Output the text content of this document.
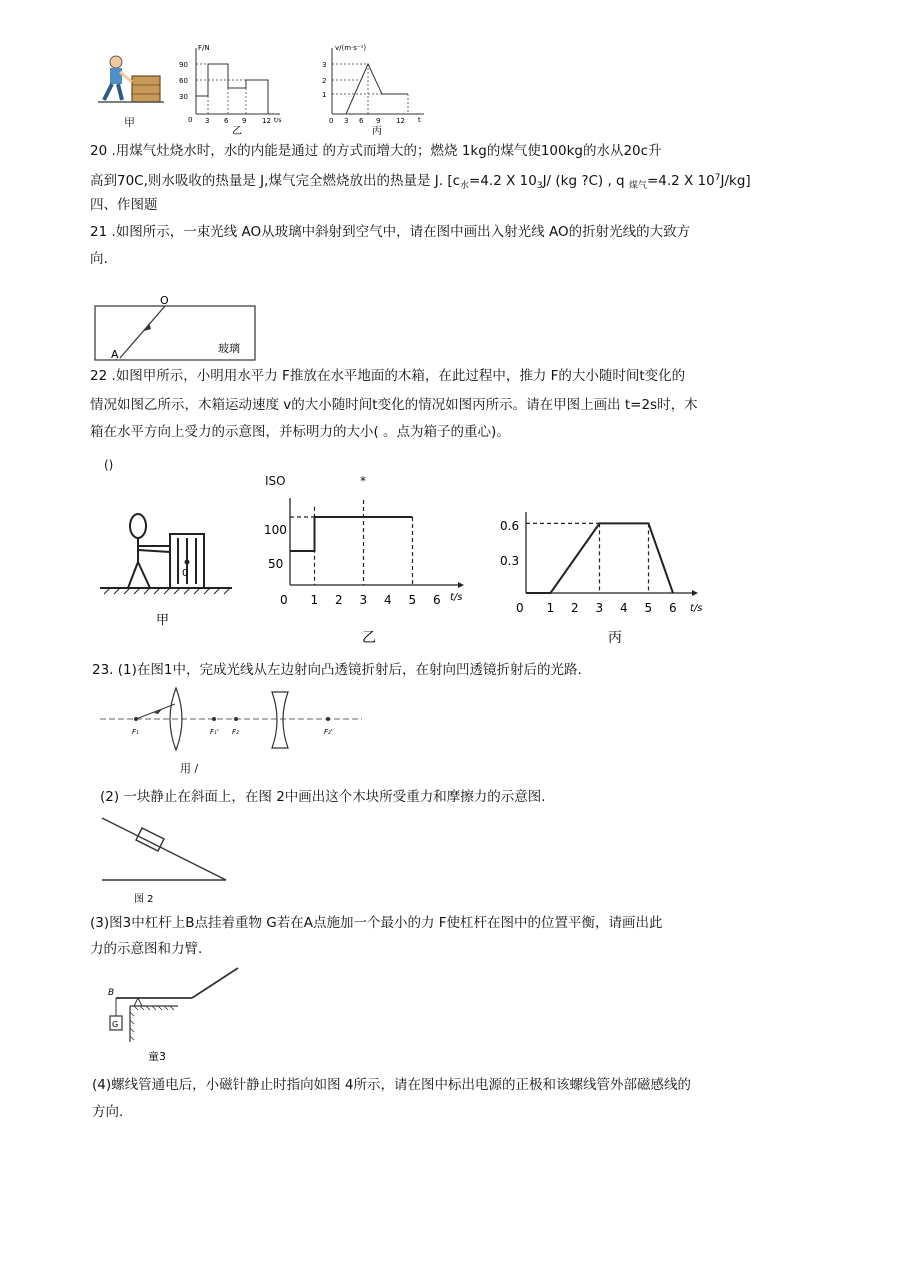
甲
F/N
90
60
30
0 3 6 9 12 t/s
乙
v/(m·s⁻¹)
3
2
1
0 3 6 9 12 t
丙
20 .用煤气灶烧水时，水的内能是通过 的方式而增大的；燃烧 1kg的煤气使100kg的水从20c升
高到70C,则水吸收的热量是 J,煤气完全燃烧放出的热量是 J. [$c_水=4.2$ X $10_3J/$ (kg ?C) , q $_{煤气}$=4.2 X $10^7J/kg$]
四、作图题
21 .如图所示，一束光线 AO从玻璃中斜射到空气中，请在图中画出入射光线 AO的折射光线的大致方
向.
O
A	玻璃
22 .如图甲所示，小明用水平力 F推放在水平地面的木箱，在此过程中，推力 F的大小随时间t变化的
情况如图乙所示，木箱运动速度 v的大小随时间t变化的情况如图丙所示。请在甲图上画出 t=2s时，木
箱在水平方向上受力的示意图，并标明力的大小( 。点为箱子的重心)。
()
ISO	*
0
甲
100
50
0 1 2 3 4 5 6 t/s
乙
0.6
0.3
0 1 2 3 4 5 6 t/s
丙
23. (1)在图1中，完成光线从左边射向凸透镜折射后，在射向凹透镜折射后的光路.
F₁	F₁' F₂	F₂'
用 /
(2) 一块静止在斜面上，在图 2中画出这个木块所受重力和摩擦力的示意图.
图 2
(3)图3中杠杆上B点挂着重物 G若在A点施加一个最小的力 F使杠杆在图中的位置平衡，请画出此
力的示意图和力臂.
G
B
童3
(4)螺线管通电后，小磁针静止时指向如图 4所示，请在图中标出电源的正极和该螺线管外部磁感线的
方向.
